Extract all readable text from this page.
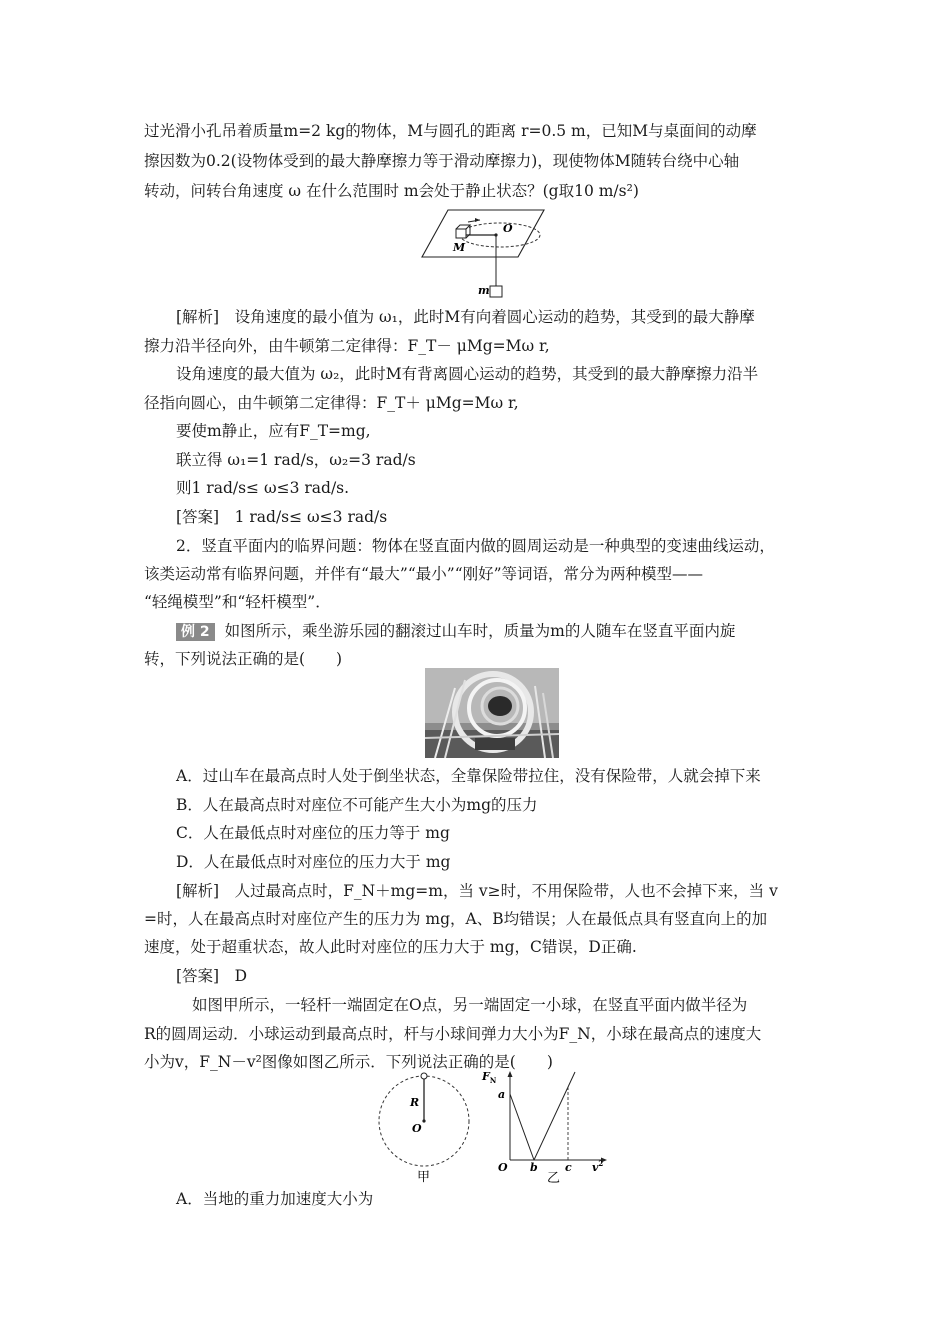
过光滑小孔吊着质量m=2 kg的物体，M与圆孔的距离 r=0.5 m，已知M与桌面间的动摩
擦因数为0.2(设物体受到的最大静摩擦力等于滑动摩擦力)，现使物体M随转台绕中心轴
转动，问转台角速度 ω 在什么范围时 m会处于静止状态？(g取10 m/s²)
M
O
m
[解析]　设角速度的最小值为 ω₁，此时M有向着圆心运动的趋势，其受到的最大静摩
擦力沿半径向外，由牛顿第二定律得：F_T－ μMg=Mω r,
设角速度的最大值为 ω₂，此时M有背离圆心运动的趋势，其受到的最大静摩擦力沿半
径指向圆心，由牛顿第二定律得：F_T＋ μMg=Mω r,
要使m静止，应有F_T=mg,
联立得 ω₁=1 rad/s，ω₂=3 rad/s
则1 rad/s≤ ω≤3 rad/s.
[答案]　1 rad/s≤ ω≤3 rad/s
2．竖直平面内的临界问题：物体在竖直面内做的圆周运动是一种典型的变速曲线运动，
该类运动常有临界问题，并伴有“最大”“最小”“刚好”等词语，常分为两种模型——
“轻绳模型”和“轻杆模型”．
例 2 如图所示，乘坐游乐园的翻滚过山车时，质量为m的人随车在竖直平面内旋
转，下列说法正确的是(　　)
A．过山车在最高点时人处于倒坐状态，全靠保险带拉住，没有保险带，人就会掉下来
B．人在最高点时对座位不可能产生大小为mg的压力
C．人在最低点时对座位的压力等于 mg
D．人在最低点时对座位的压力大于 mg
[解析]　人过最高点时，F_N＋mg=m，当 v≥时，不用保险带，人也不会掉下来，当 v
=时，人在最高点时对座位产生的压力为 mg，A、B均错误；人在最低点具有竖直向上的加
速度，处于超重状态，故人此时对座位的压力大于 mg，C错误，D正确.
[答案]　D
如图甲所示，一轻杆一端固定在O点，另一端固定一小球，在竖直平面内做半径为
R的圆周运动．小球运动到最高点时，杆与小球间弹力大小为F_N，小球在最高点的速度大
小为v，F_N－v²图像如图乙所示．下列说法正确的是(　　)
R
O
甲
$F_N$
a
O b c $v^2$
乙
A．当地的重力加速度大小为
